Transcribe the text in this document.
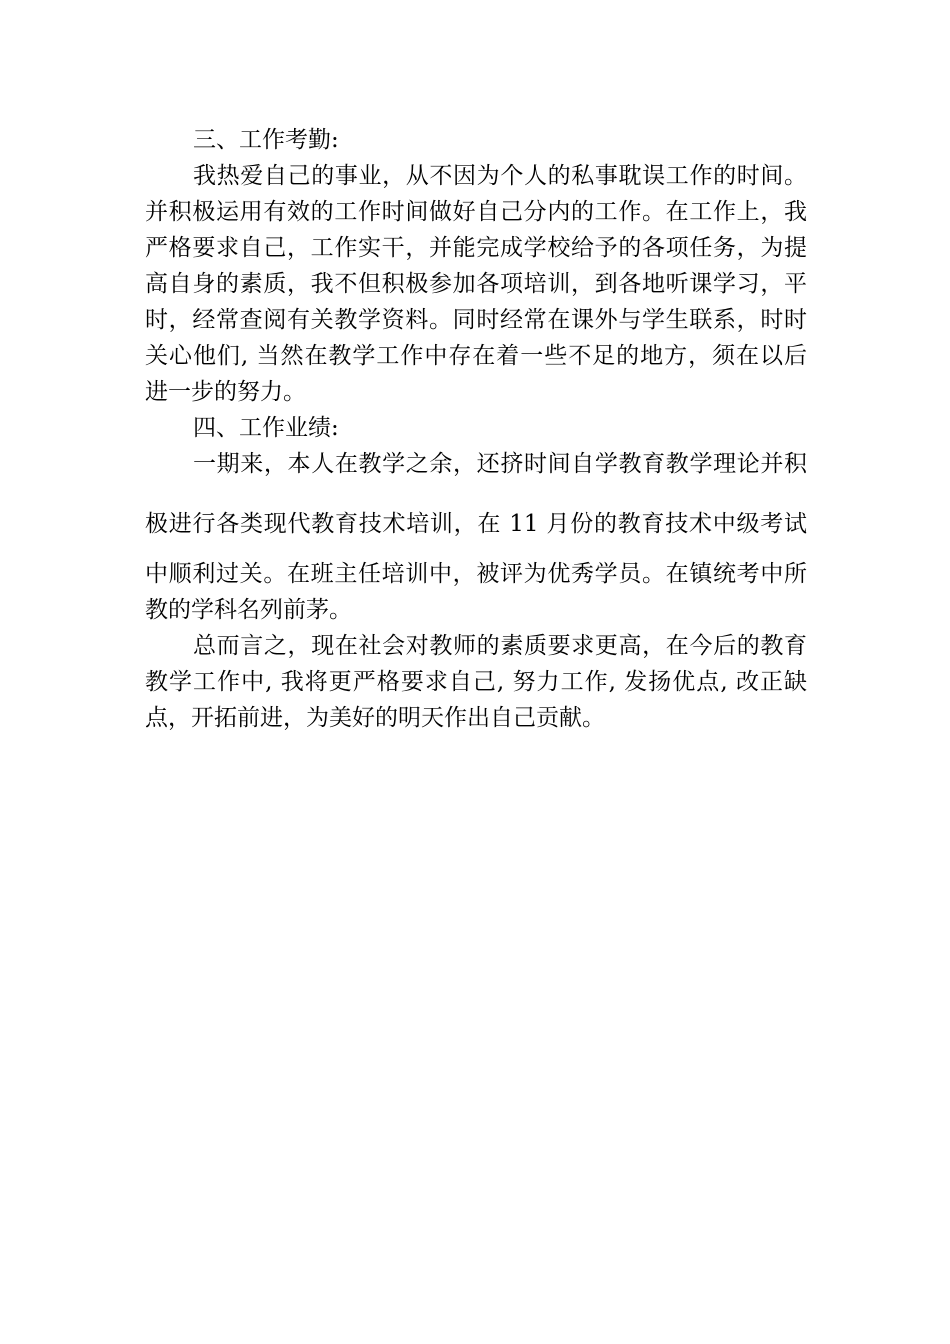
三、工作考勤:
我热爱自己的事业，从不因为个人的私事耽误工作的时间。
并积极运用有效的工作时间做好自己分内的工作。在工作上，我
严格要求自己，工作实干，并能完成学校给予的各项任务，为提
高自身的素质，我不但积极参加各项培训，到各地听课学习，平
时，经常查阅有关教学资料。同时经常在课外与学生联系，时时
关心他们, 当然在教学工作中存在着一些不足的地方，须在以后
进一步的努力。
四、工作业绩:
一期来，本人在教学之余，还挤时间自学教育教学理论并积
极进行各类现代教育技术培训，在 11 月份的教育技术中级考试
中顺利过关。在班主任培训中，被评为优秀学员。在镇统考中所
教的学科名列前茅。
总而言之，现在社会对教师的素质要求更高，在今后的教育
教学工作中, 我将更严格要求自己, 努力工作, 发扬优点, 改正缺
点，开拓前进，为美好的明天作出自己贡献。
